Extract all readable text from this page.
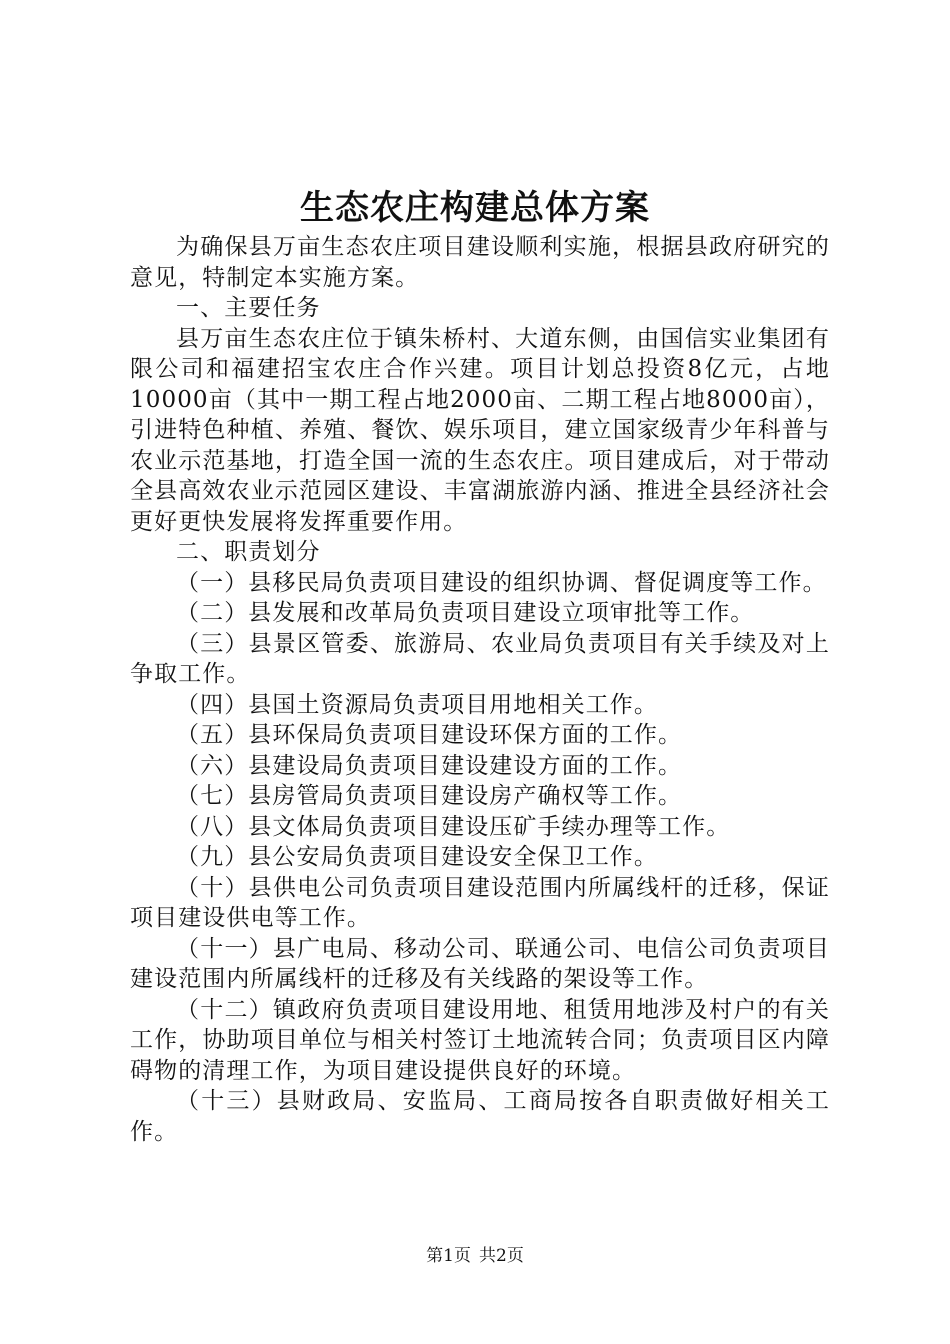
生态农庄构建总体方案

为确保县万亩生态农庄项目建设顺利实施，根据县政府研究的意见，特制定本实施方案。

一、主要任务

县万亩生态农庄位于镇朱桥村、大道东侧，由国信实业集团有限公司和福建招宝农庄合作兴建。项目计划总投资8亿元，占地10000亩（其中一期工程占地2000亩、二期工程占地8000亩），引进特色种植、养殖、餐饮、娱乐项目，建立国家级青少年科普与农业示范基地，打造全国一流的生态农庄。项目建成后，对于带动全县高效农业示范园区建设、丰富湖旅游内涵、推进全县经济社会更好更快发展将发挥重要作用。

二、职责划分

（一）县移民局负责项目建设的组织协调、督促调度等工作。

（二）县发展和改革局负责项目建设立项审批等工作。

（三）县景区管委、旅游局、农业局负责项目有关手续及对上争取工作。

（四）县国土资源局负责项目用地相关工作。

（五）县环保局负责项目建设环保方面的工作。

（六）县建设局负责项目建设建设方面的工作。

（七）县房管局负责项目建设房产确权等工作。

（八）县文体局负责项目建设压矿手续办理等工作。

（九）县公安局负责项目建设安全保卫工作。

（十）县供电公司负责项目建设范围内所属线杆的迁移，保证项目建设供电等工作。

（十一）县广电局、移动公司、联通公司、电信公司负责项目建设范围内所属线杆的迁移及有关线路的架设等工作。

（十二）镇政府负责项目建设用地、租赁用地涉及村户的有关工作，协助项目单位与相关村签订土地流转合同；负责项目区内障碍物的清理工作，为项目建设提供良好的环境。

（十三）县财政局、安监局、工商局按各自职责做好相关工作。

第1页 共2页
